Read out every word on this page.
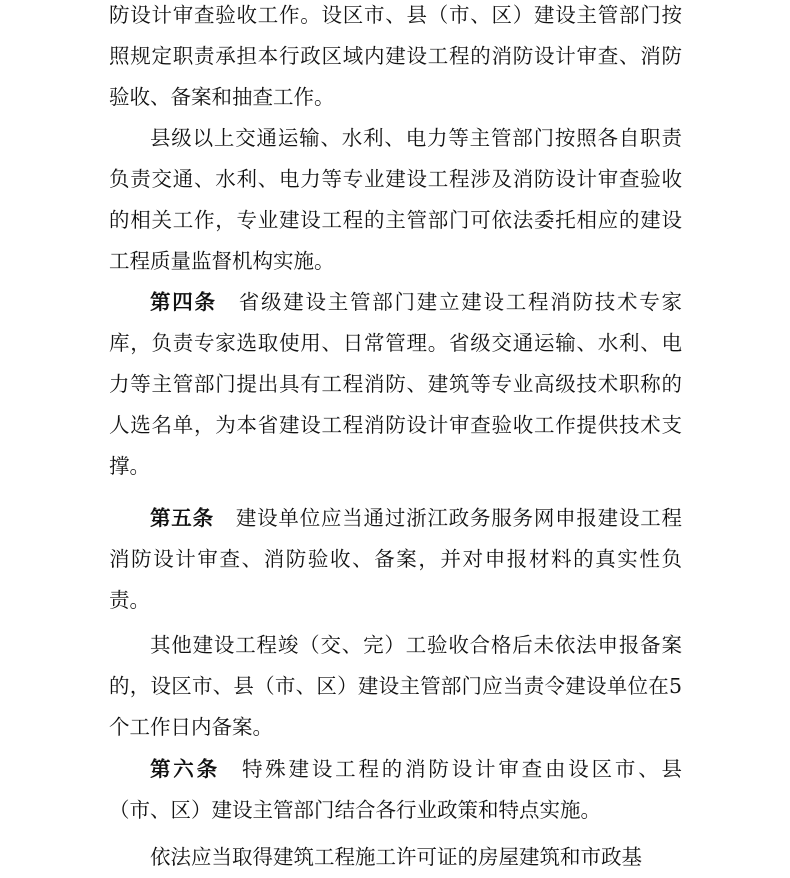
防设计审查验收工作。设区市、县（市、区）建设主管部门按照规定职责承担本行政区域内建设工程的消防设计审查、消防验收、备案和抽查工作。

县级以上交通运输、水利、电力等主管部门按照各自职责负责交通、水利、电力等专业建设工程涉及消防设计审查验收的相关工作，专业建设工程的主管部门可依法委托相应的建设工程质量监督机构实施。

第四条 省级建设主管部门建立建设工程消防技术专家库，负责专家选取使用、日常管理。省级交通运输、水利、电力等主管部门提出具有工程消防、建筑等专业高级技术职称的人选名单，为本省建设工程消防设计审查验收工作提供技术支撑。

第五条 建设单位应当通过浙江政务服务网申报建设工程消防设计审查、消防验收、备案，并对申报材料的真实性负责。

其他建设工程竣（交、完）工验收合格后未依法申报备案的，设区市、县（市、区）建设主管部门应当责令建设单位在5个工作日内备案。

第六条 特殊建设工程的消防设计审查由设区市、县（市、区）建设主管部门结合各行业政策和特点实施。

依法应当取得建筑工程施工许可证的房屋建筑和市政基
